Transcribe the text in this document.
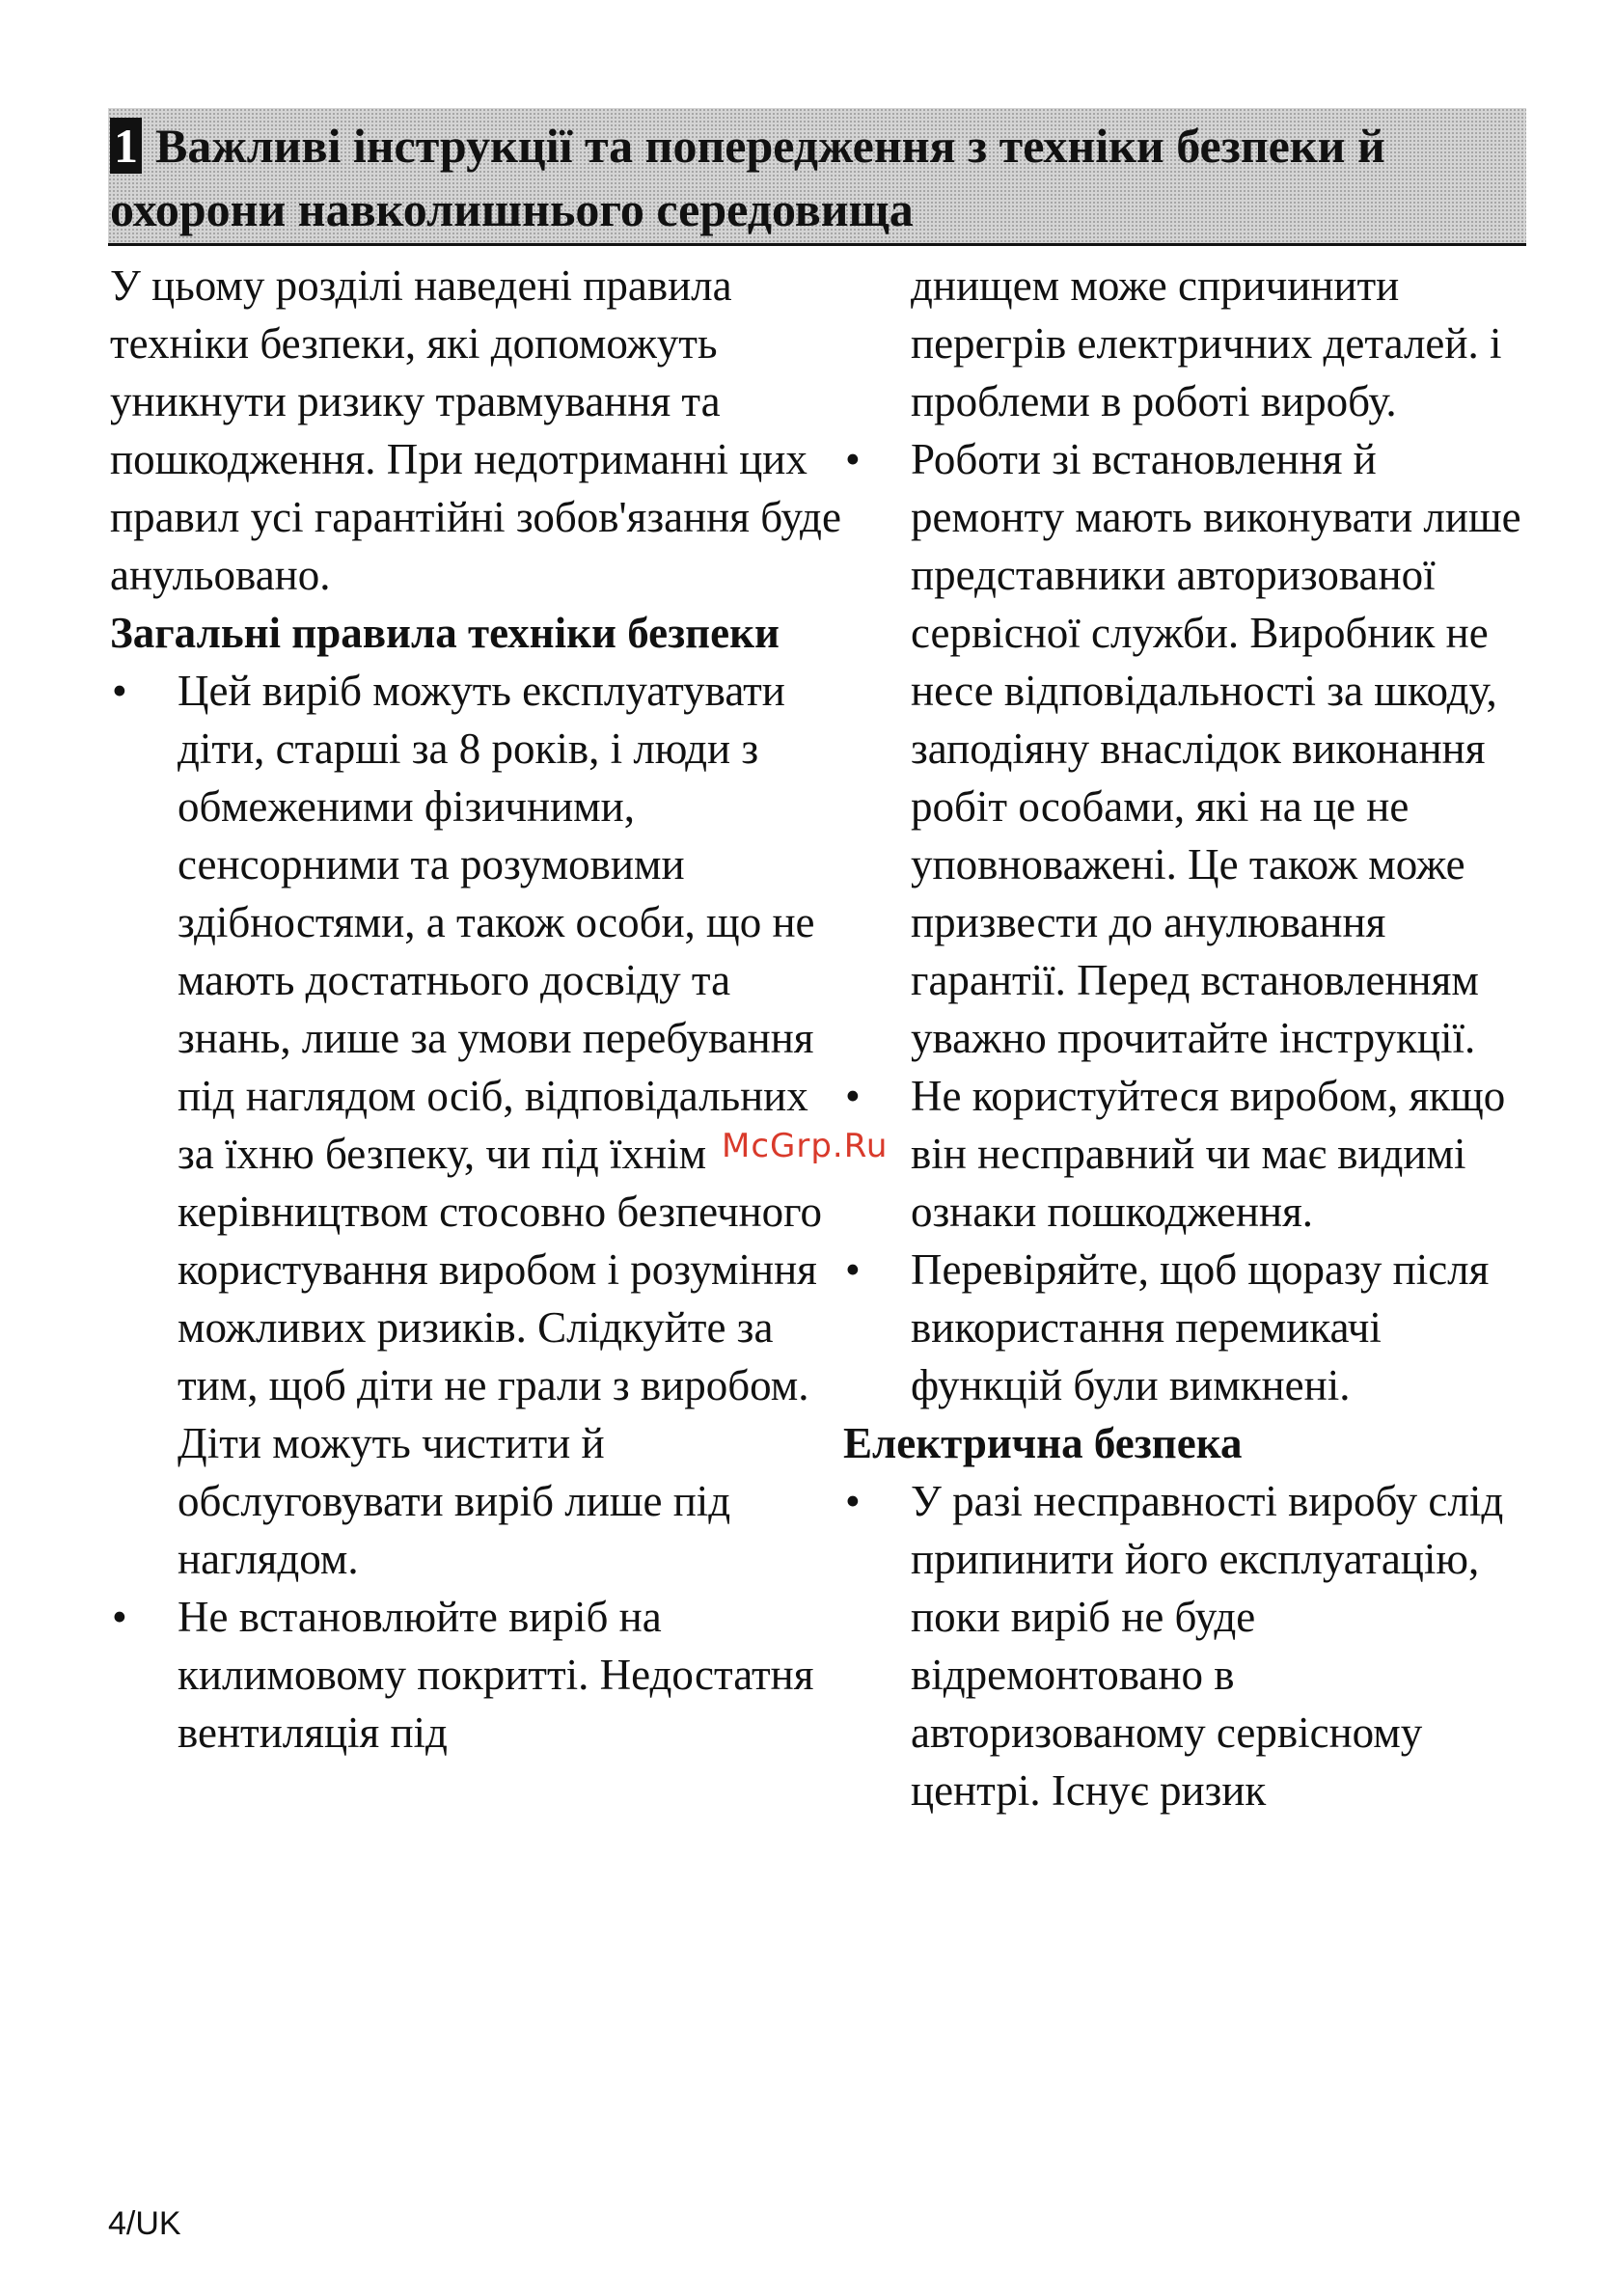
1 Важливі інструкції та попередження з техніки безпеки й охорони навколишнього середовища

У цьому розділі наведені правила техніки безпеки, які допоможуть уникнути ризику травмування та пошкодження. При недотриманні цих правил усі гарантійні зобов'язання буде анульовано.

Загальні правила техніки безпеки

• Цей виріб можуть експлуатувати діти, старші за 8 років, і люди з обмеженими фізичними, сенсорними та розумовими здібностями, а також особи, що не мають достатнього досвіду та знань, лише за умови перебування під наглядом осіб, відповідальних за їхню безпеку, чи під їхнім керівництвом стосовно безпечного користування виробом і розуміння можливих ризиків. Слідкуйте за тим, щоб діти не грали з виробом. Діти можуть чистити й обслуговувати виріб лише під наглядом.
• Не встановлюйте виріб на килимовому покритті. Недостатня вентиляція під

днищем може спричинити перегрів електричних деталей. і проблеми в роботі виробу.

• Роботи зі встановлення й ремонту мають виконувати лише представники авторизованої сервісної служби. Виробник не несе відповідальності за шкоду, заподіяну внаслідок виконання робіт особами, які на це не уповноважені. Це також може призвести до анулювання гарантії. Перед встановленням уважно прочитайте інструкції.
• Не користуйтеся виробом, якщо він несправний чи має видимі ознаки пошкодження.
• Перевіряйте, щоб щоразу після використання перемикачі функцій були вимкнені.

Електрична безпека

• У разі несправності виробу слід припинити його експлуатацію, поки виріб не буде відремонтовано в авторизованому сервісному центрі. Існує ризик
McGrp.Ru
4/UK
